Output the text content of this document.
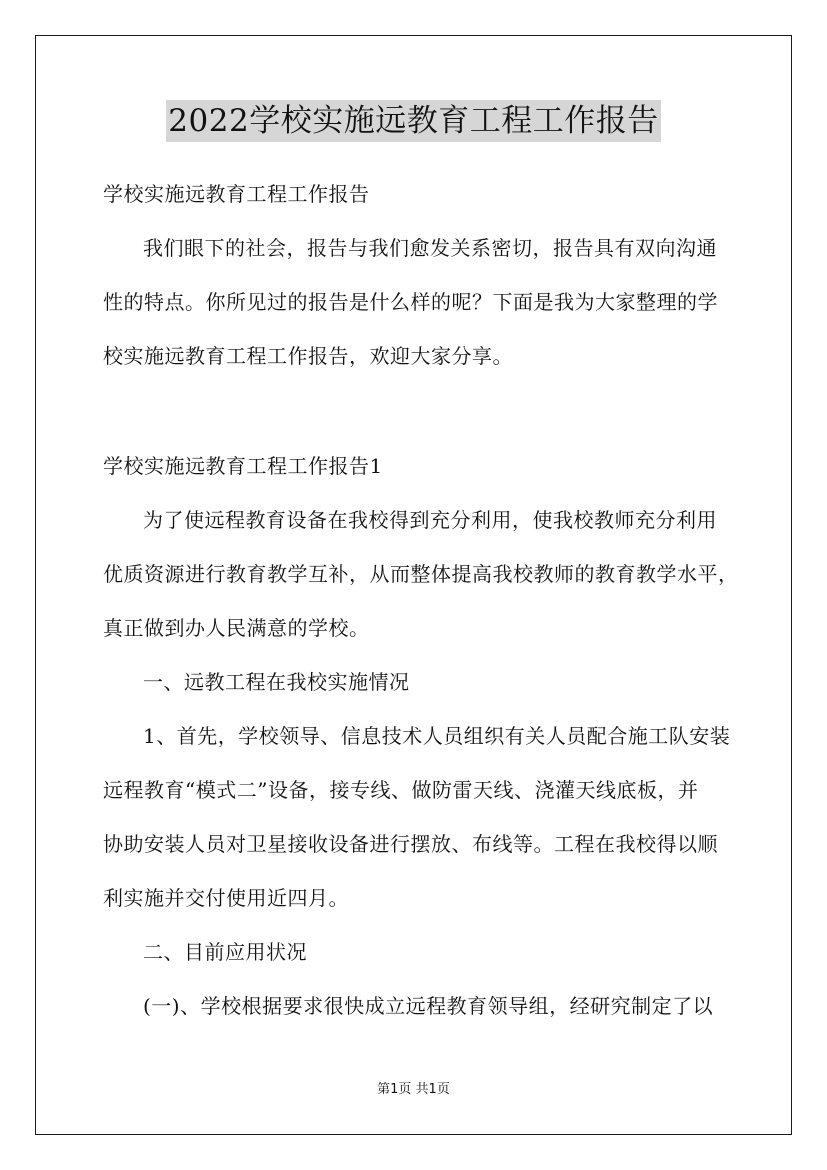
2022学校实施远教育工程工作报告
学校实施远教育工程工作报告
我们眼下的社会，报告与我们愈发关系密切，报告具有双向沟通
性的特点。你所见过的报告是什么样的呢？下面是我为大家整理的学
校实施远教育工程工作报告，欢迎大家分享。
学校实施远教育工程工作报告1
为了使远程教育设备在我校得到充分利用，使我校教师充分利用
优质资源进行教育教学互补，从而整体提高我校教师的教育教学水平，
真正做到办人民满意的学校。
一、远教工程在我校实施情况
1、首先，学校领导、信息技术人员组织有关人员配合施工队安装
远程教育“模式二”设备，接专线、做防雷天线、浇灌天线底板，并
协助安装人员对卫星接收设备进行摆放、布线等。工程在我校得以顺
利实施并交付使用近四月。
二、目前应用状况
(一)、学校根据要求很快成立远程教育领导组，经研究制定了以
第1页 共1页
